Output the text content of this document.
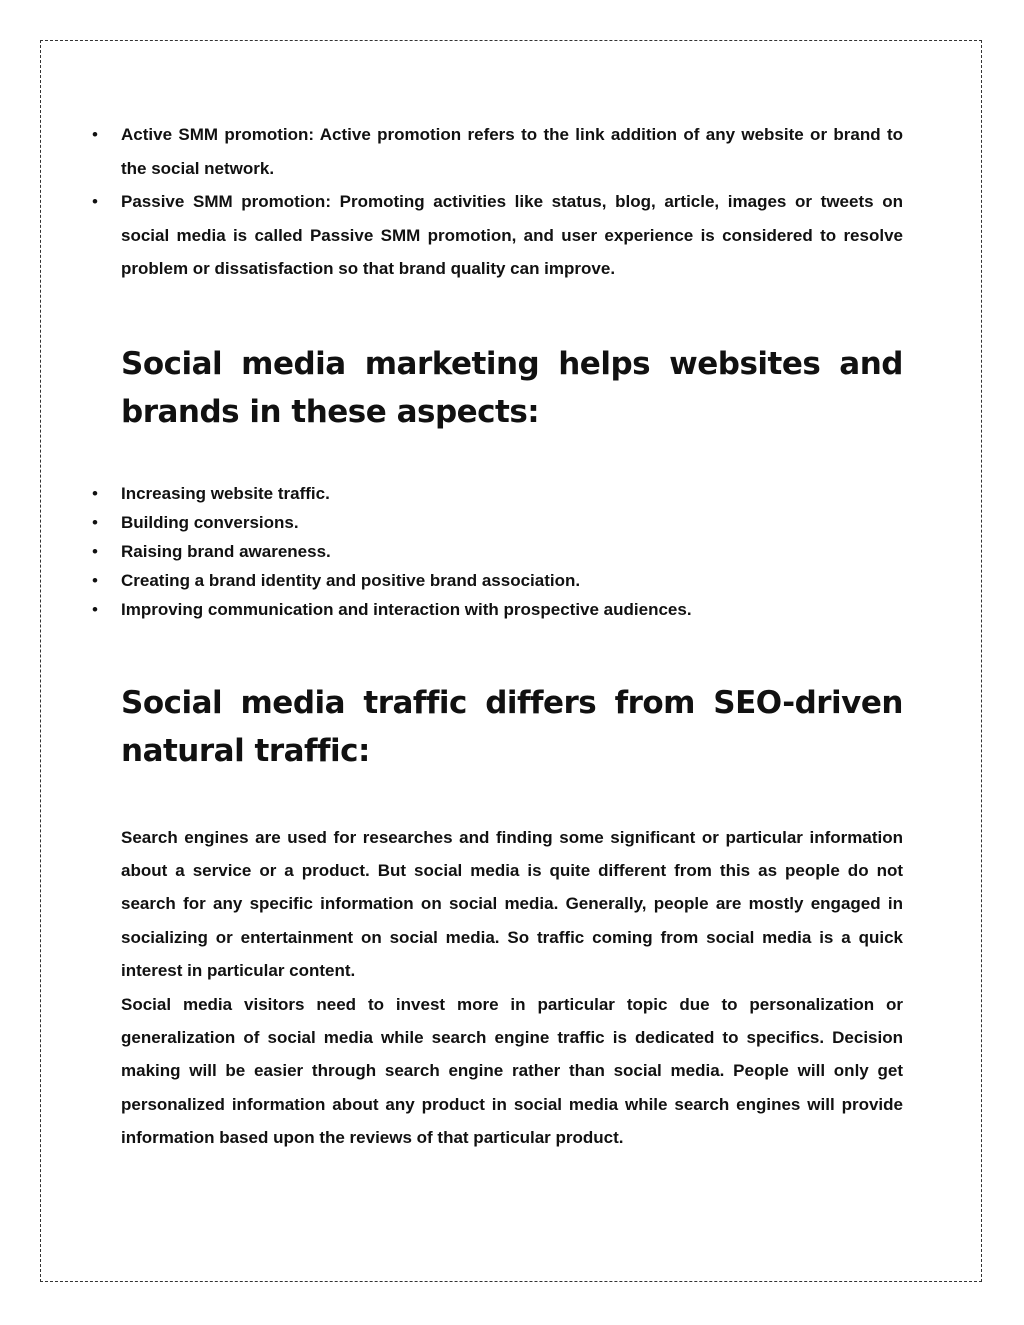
• Active SMM promotion: Active promotion refers to the link addition of any website or brand to the social network.
• Passive SMM promotion: Promoting activities like status, blog, article, images or tweets on social media is called Passive SMM promotion, and user experience is considered to resolve problem or dissatisfaction so that brand quality can improve.
Social media marketing helps websites and brands in these aspects:
• Increasing website traffic.
• Building conversions.
• Raising brand awareness.
• Creating a brand identity and positive brand association.
• Improving communication and interaction with prospective audiences.
Social media traffic differs from SEO-driven natural traffic:

Search engines are used for researches and finding some significant or particular information about a service or a product. But social media is quite different from this as people do not search for any specific information on social media. Generally, people are mostly engaged in socializing or entertainment on social media. So traffic coming from social media is a quick interest in particular content.

Social media visitors need to invest more in particular topic due to personalization or generalization of social media while search engine traffic is dedicated to specifics. Decision making will be easier through search engine rather than social media. People will only get personalized information about any product in social media while search engines will provide information based upon the reviews of that particular product.
